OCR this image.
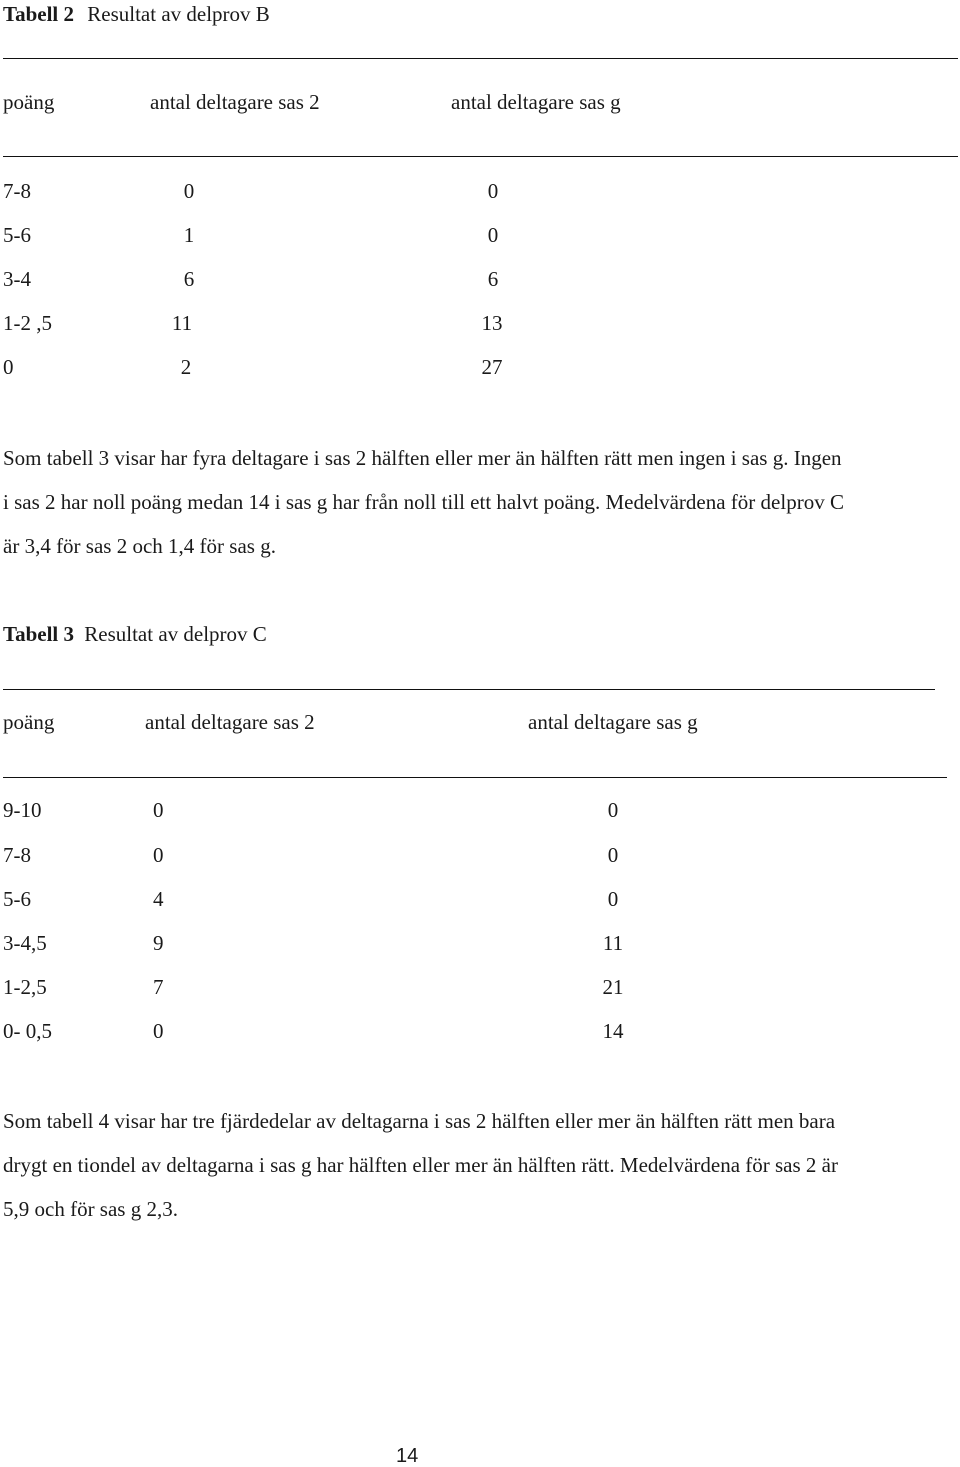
Tabell 2 Resultat av delprov B
poäng	antal deltagare sas 2	antal deltagare sas g
7-8	0	0
5-6	1	0
3-4	6	6
1-2 ,5	11	13
0	2	27
Som tabell 3 visar har fyra deltagare i sas 2 hälften eller mer än hälften rätt men ingen i sas g. Ingen
i sas 2 har noll poäng medan 14 i sas g har från noll till ett halvt poäng. Medelvärdena för delprov C
är 3,4 för sas 2 och 1,4 för sas g.
Tabell 3 Resultat av delprov C
poäng	antal deltagare sas 2	antal deltagare sas g
9-10	0	0
7-8	0	0
5-6	4	0
3-4,5	9	11
1-2,5	7	21
0- 0,5	0	14
Som tabell 4 visar har tre fjärdedelar av deltagarna i sas 2 hälften eller mer än hälften rätt men bara
drygt en tiondel av deltagarna i sas g har hälften eller mer än hälften rätt. Medelvärdena för sas 2 är
5,9 och för sas g 2,3.
14
